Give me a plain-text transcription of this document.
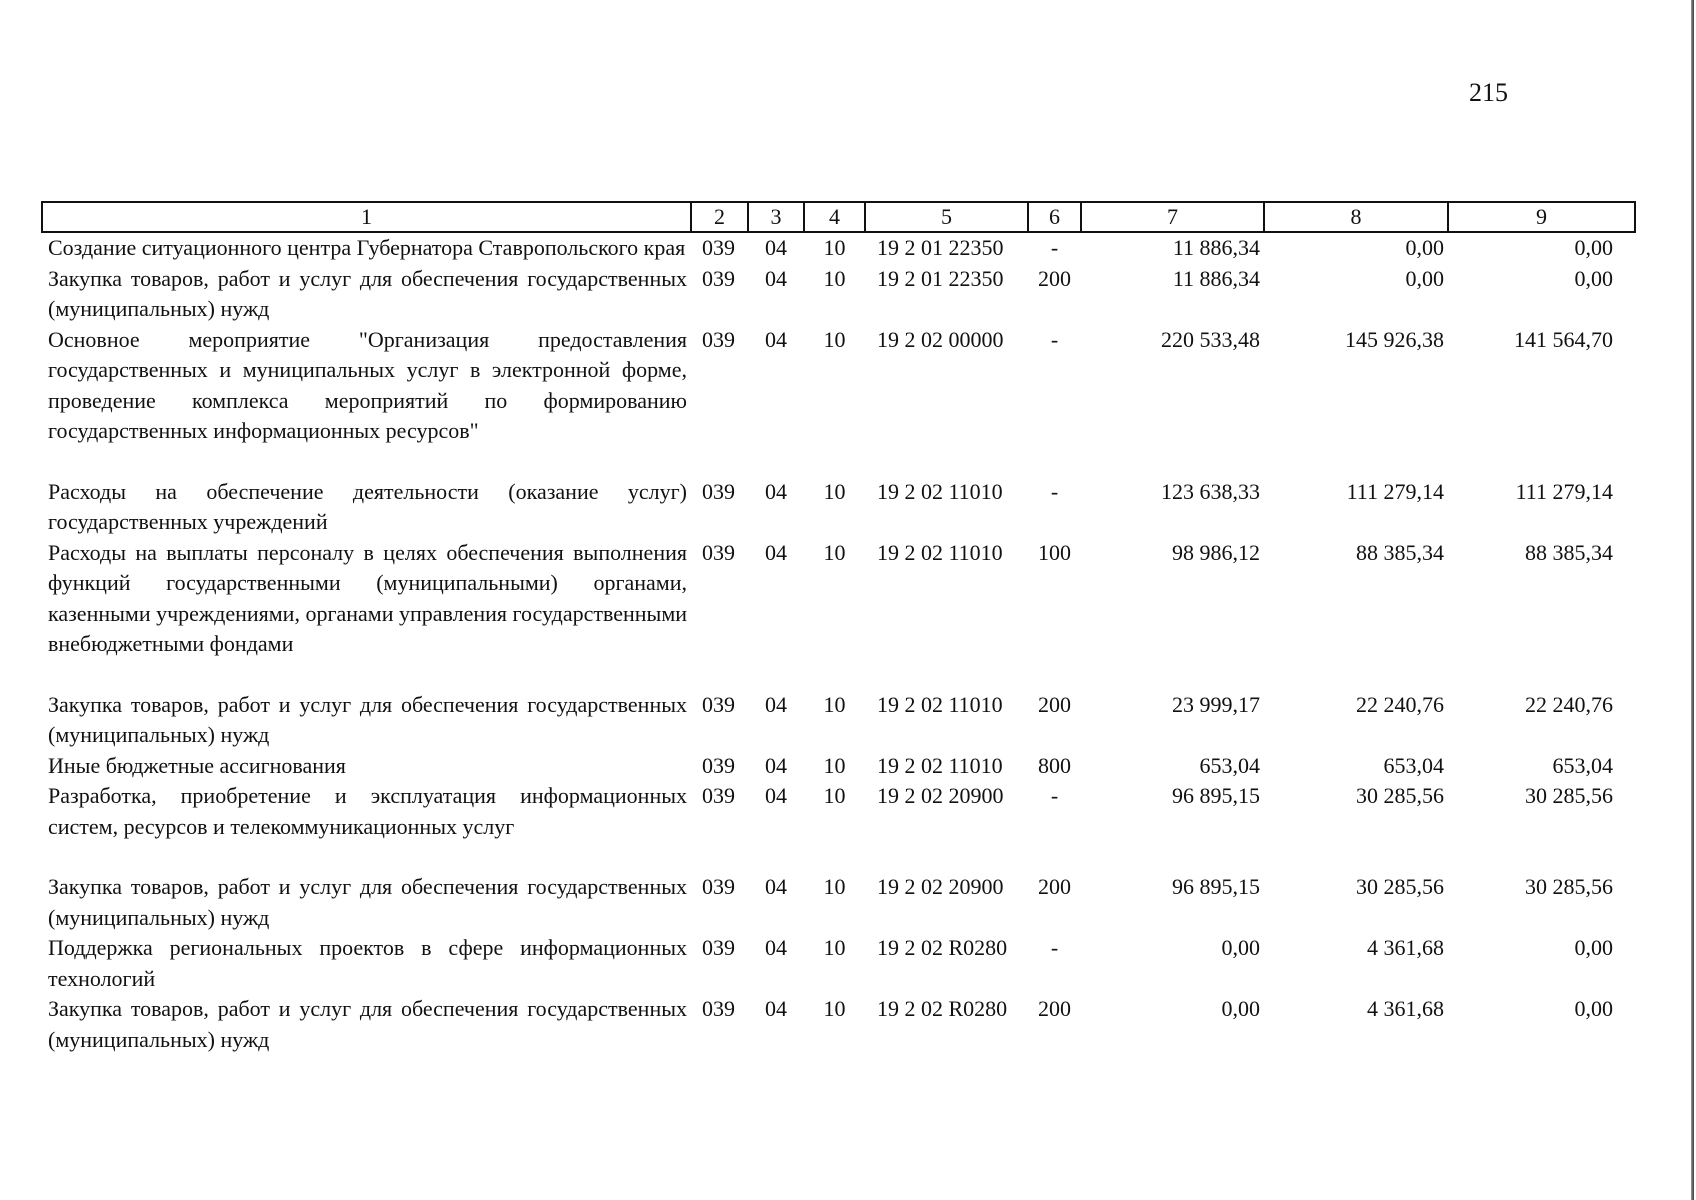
215
1	2	3	4	5	6	7	8	9
Создание ситуационного центра Губернатора Ставропольского края	039	04	10	19 2 01 22350	-	11 886,34	0,00	0,00
Закупка товаров, работ и услуг для обеспечения государственных (муниципальных) нужд	039	04	10	19 2 01 22350	200	11 886,34	0,00	0,00
Основное мероприятие "Организация предоставления государственных и муниципальных услуг в электронной форме, проведение комплекса мероприятий по формированию государственных информационных ресурсов"	039	04	10	19 2 02 00000	-	220 533,48	145 926,38	141 564,70
Расходы на обеспечение деятельности (оказание услуг) государственных учреждений	039	04	10	19 2 02 11010	-	123 638,33	111 279,14	111 279,14
Расходы на выплаты персоналу в целях обеспечения выполнения функций государственными (муниципальными) органами, казенными учреждениями, органами управления государственными внебюджетными фондами	039	04	10	19 2 02 11010	100	98 986,12	88 385,34	88 385,34
Закупка товаров, работ и услуг для обеспечения государственных (муниципальных) нужд	039	04	10	19 2 02 11010	200	23 999,17	22 240,76	22 240,76
Иные бюджетные ассигнования	039	04	10	19 2 02 11010	800	653,04	653,04	653,04
Разработка, приобретение и эксплуатация информационных систем, ресурсов и телекоммуникационных услуг	039	04	10	19 2 02 20900	-	96 895,15	30 285,56	30 285,56
Закупка товаров, работ и услуг для обеспечения государственных (муниципальных) нужд	039	04	10	19 2 02 20900	200	96 895,15	30 285,56	30 285,56
Поддержка региональных проектов в сфере информационных технологий	039	04	10	19 2 02 R0280	-	0,00	4 361,68	0,00
Закупка товаров, работ и услуг для обеспечения государственных (муниципальных) нужд	039	04	10	19 2 02 R0280	200	0,00	4 361,68	0,00
